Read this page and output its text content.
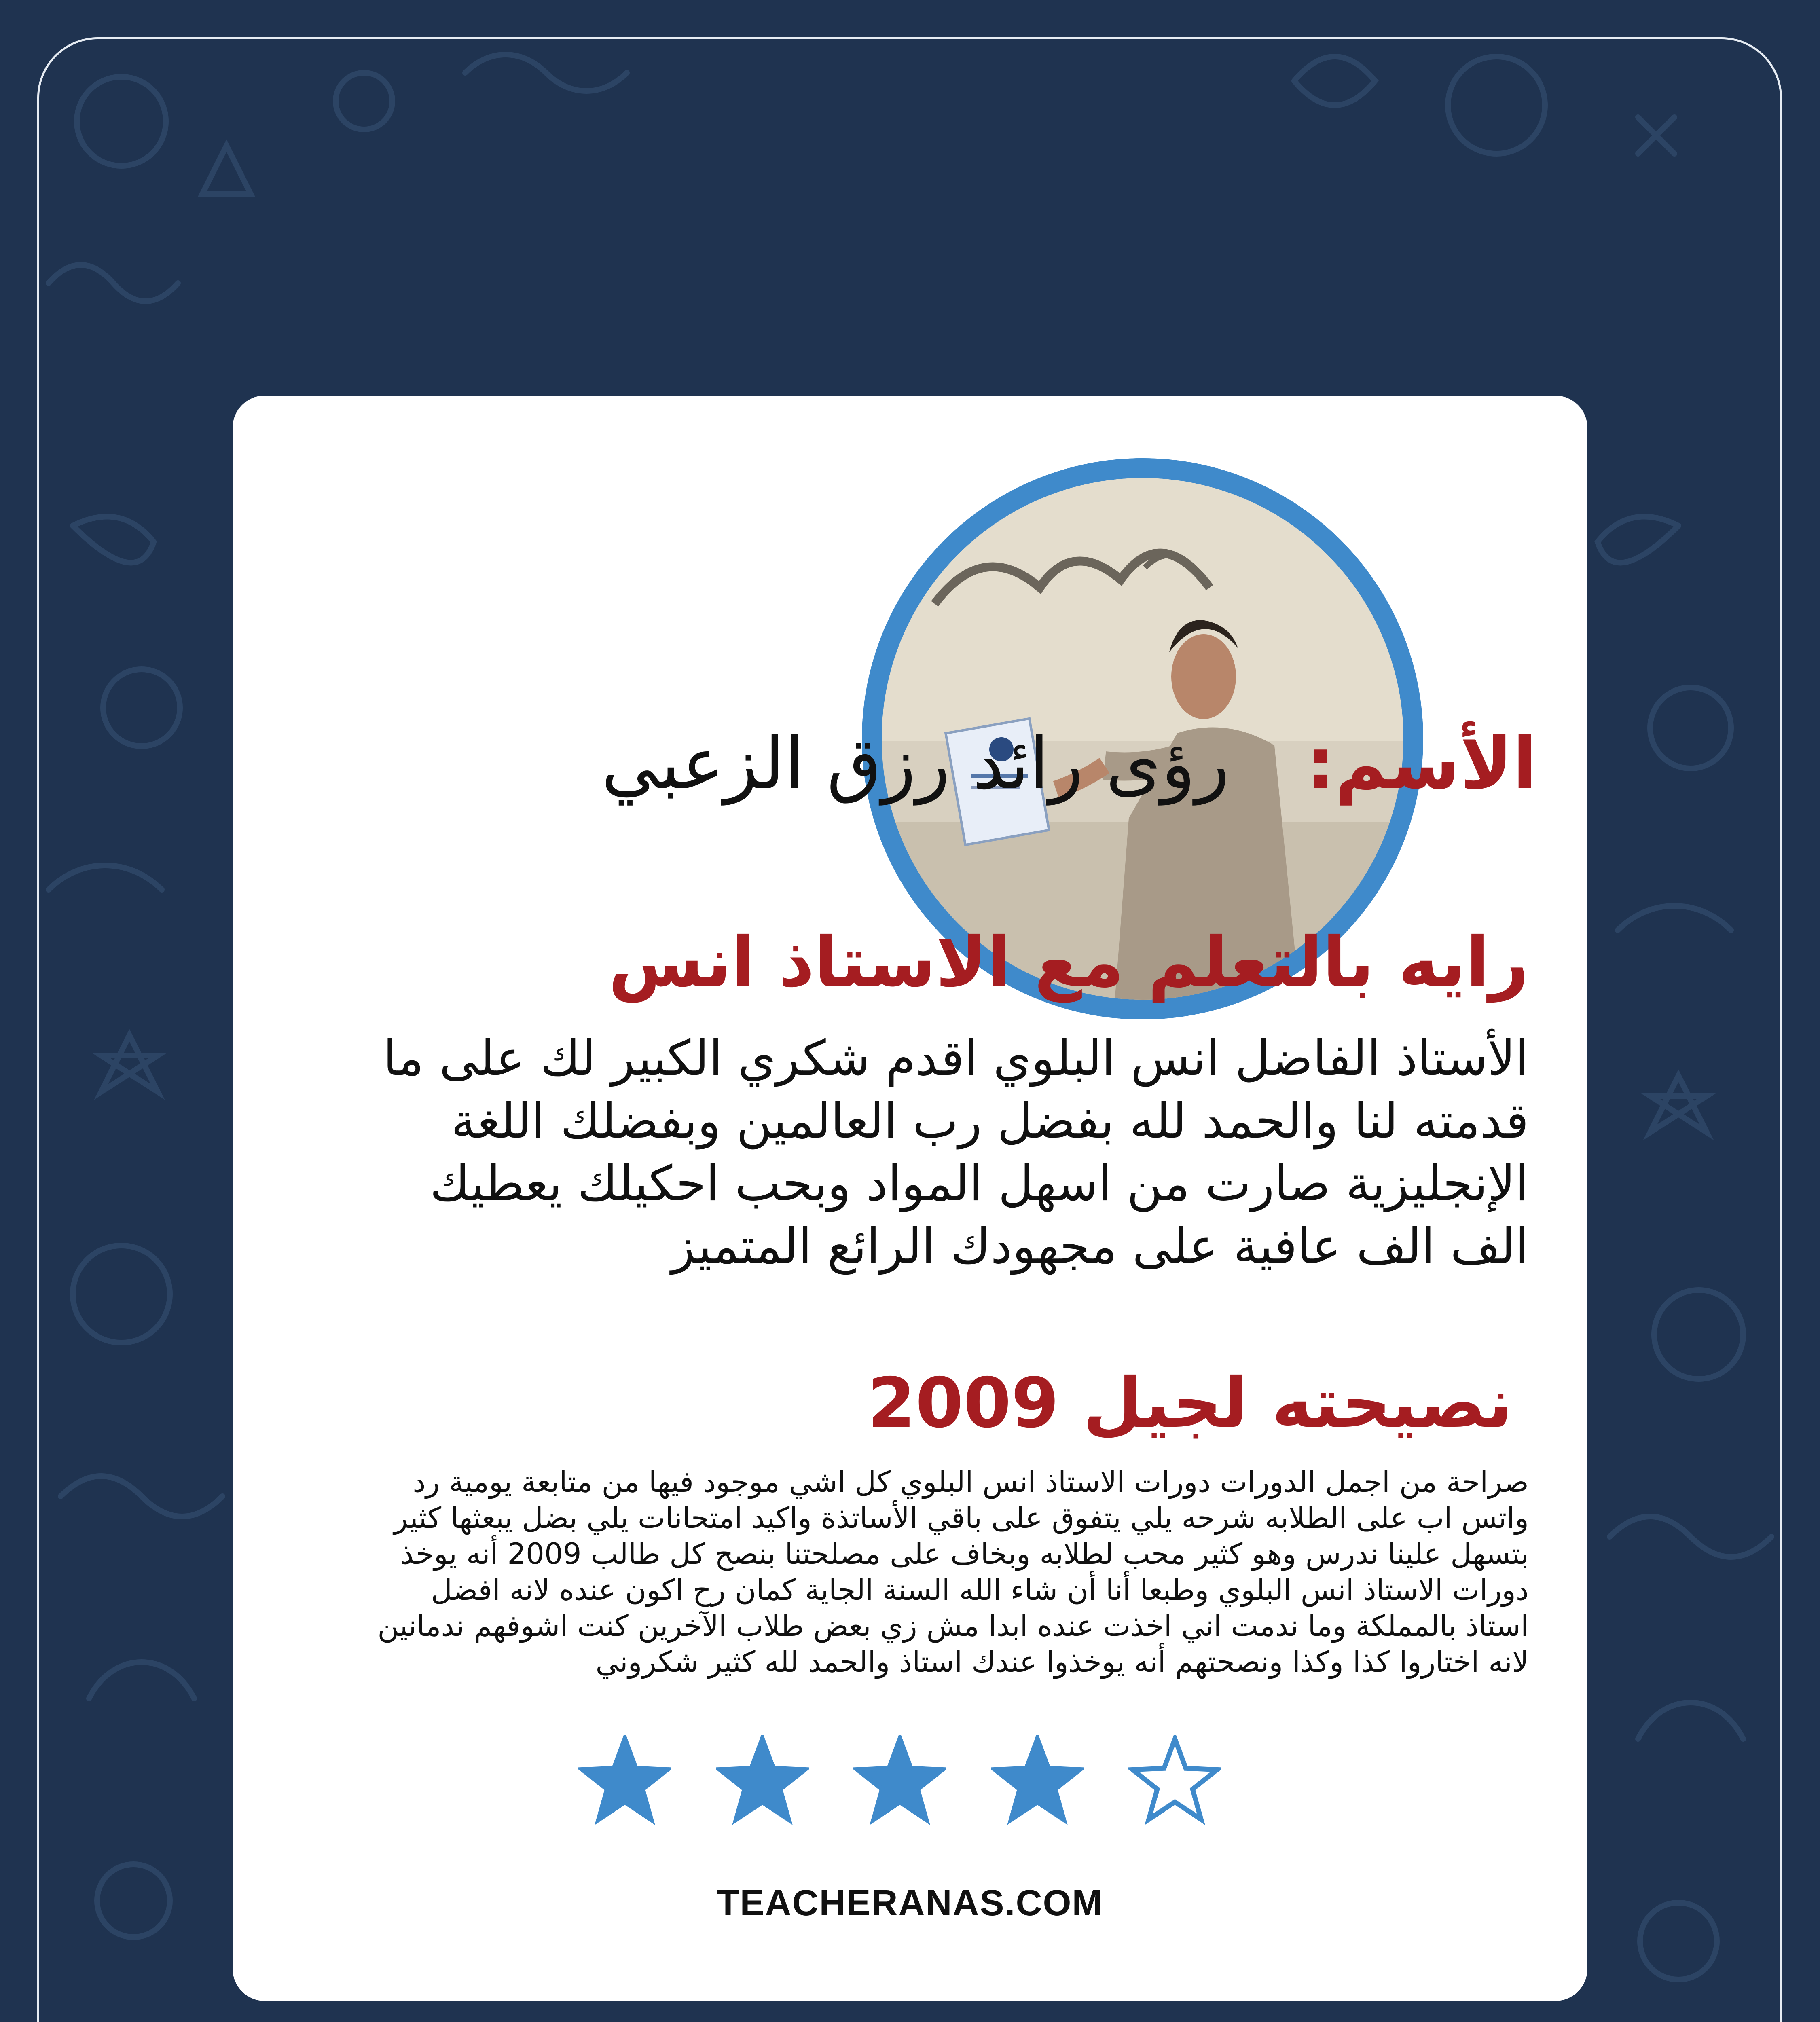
الأسم:
رؤى رائد رزق الزعبي
رايه بالتعلم مع الاستاذ انس
الأستاذ الفاضل انس البلوي اقدم شكري الكبير لك على ما قدمته لنا والحمد لله بفضل رب العالمين وبفضلك اللغة الإنجليزية صارت من اسهل المواد وبحب احكيلك يعطيك الف الف عافية على مجهودك الرائع المتميز
نصيحته لجيل 2009
صراحة من اجمل الدورات دورات الاستاذ انس البلوي كل اشي موجود فيها من متابعة يومية رد واتس اب على الطلابه شرحه يلي يتفوق على باقي الأساتذة واكيد امتحانات يلي بضل يبعثها كثير بتسهل علينا ندرس وهو كثير محب لطلابه وبخاف على مصلحتنا بنصح كل طالب 2009 أنه يوخذ دورات الاستاذ انس البلوي وطبعا أنا أن شاء الله السنة الجاية كمان رح اكون عنده لانه افضل استاذ بالمملكة وما ندمت اني اخذت عنده ابدا مش زي بعض طلاب الآخرين كنت اشوفهم ندمانين لانه اختاروا كذا وكذا ونصحتهم أنه يوخذوا عندك استاذ والحمد لله كثير شكروني
TEACHERANAS.COM
